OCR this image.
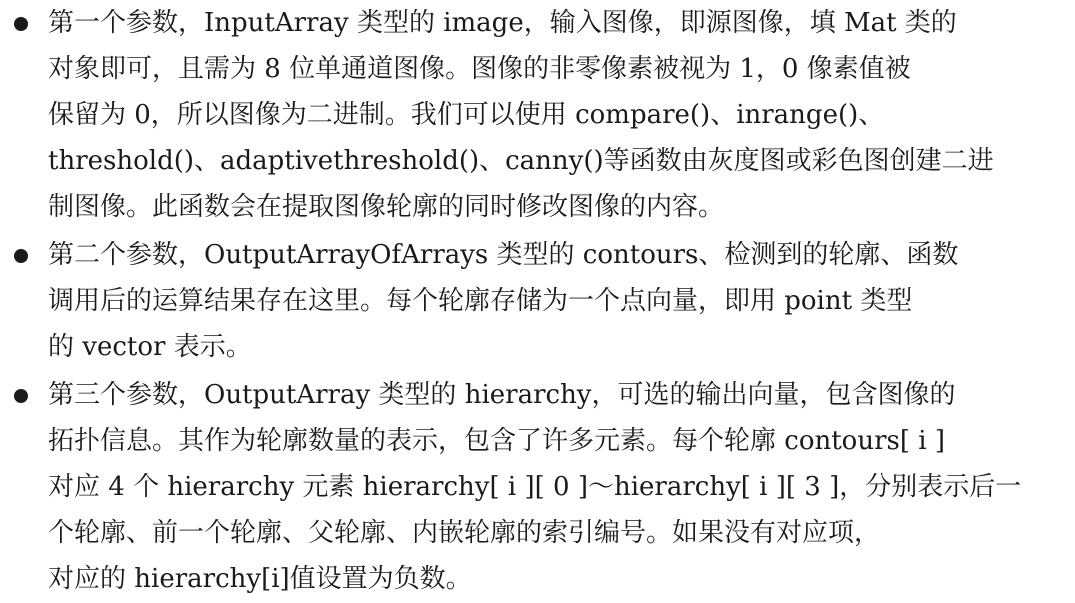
第一个参数，InputArray 类型的 image，输入图像，即源图像，填 Mat 类的
对象即可，且需为 8 位单通道图像。图像的非零像素被视为 1，0 像素值被
保留为 0，所以图像为二进制。我们可以使用 compare()、inrange()、
threshold()、adaptivethreshold()、canny()等函数由灰度图或彩色图创建二进
制图像。此函数会在提取图像轮廓的同时修改图像的内容。
第二个参数，OutputArrayOfArrays 类型的 contours、检测到的轮廓、函数
调用后的运算结果存在这里。每个轮廓存储为一个点向量，即用 point 类型
的 vector 表示。
第三个参数，OutputArray 类型的 hierarchy，可选的输出向量，包含图像的
拓扑信息。其作为轮廓数量的表示，包含了许多元素。每个轮廓 contours[ i ]
对应 4 个 hierarchy 元素 hierarchy[ i ][ 0 ]～hierarchy[ i ][ 3 ]，分别表示后一
个轮廓、前一个轮廓、父轮廓、内嵌轮廓的索引编号。如果没有对应项，
对应的 hierarchy[i]值设置为负数。
